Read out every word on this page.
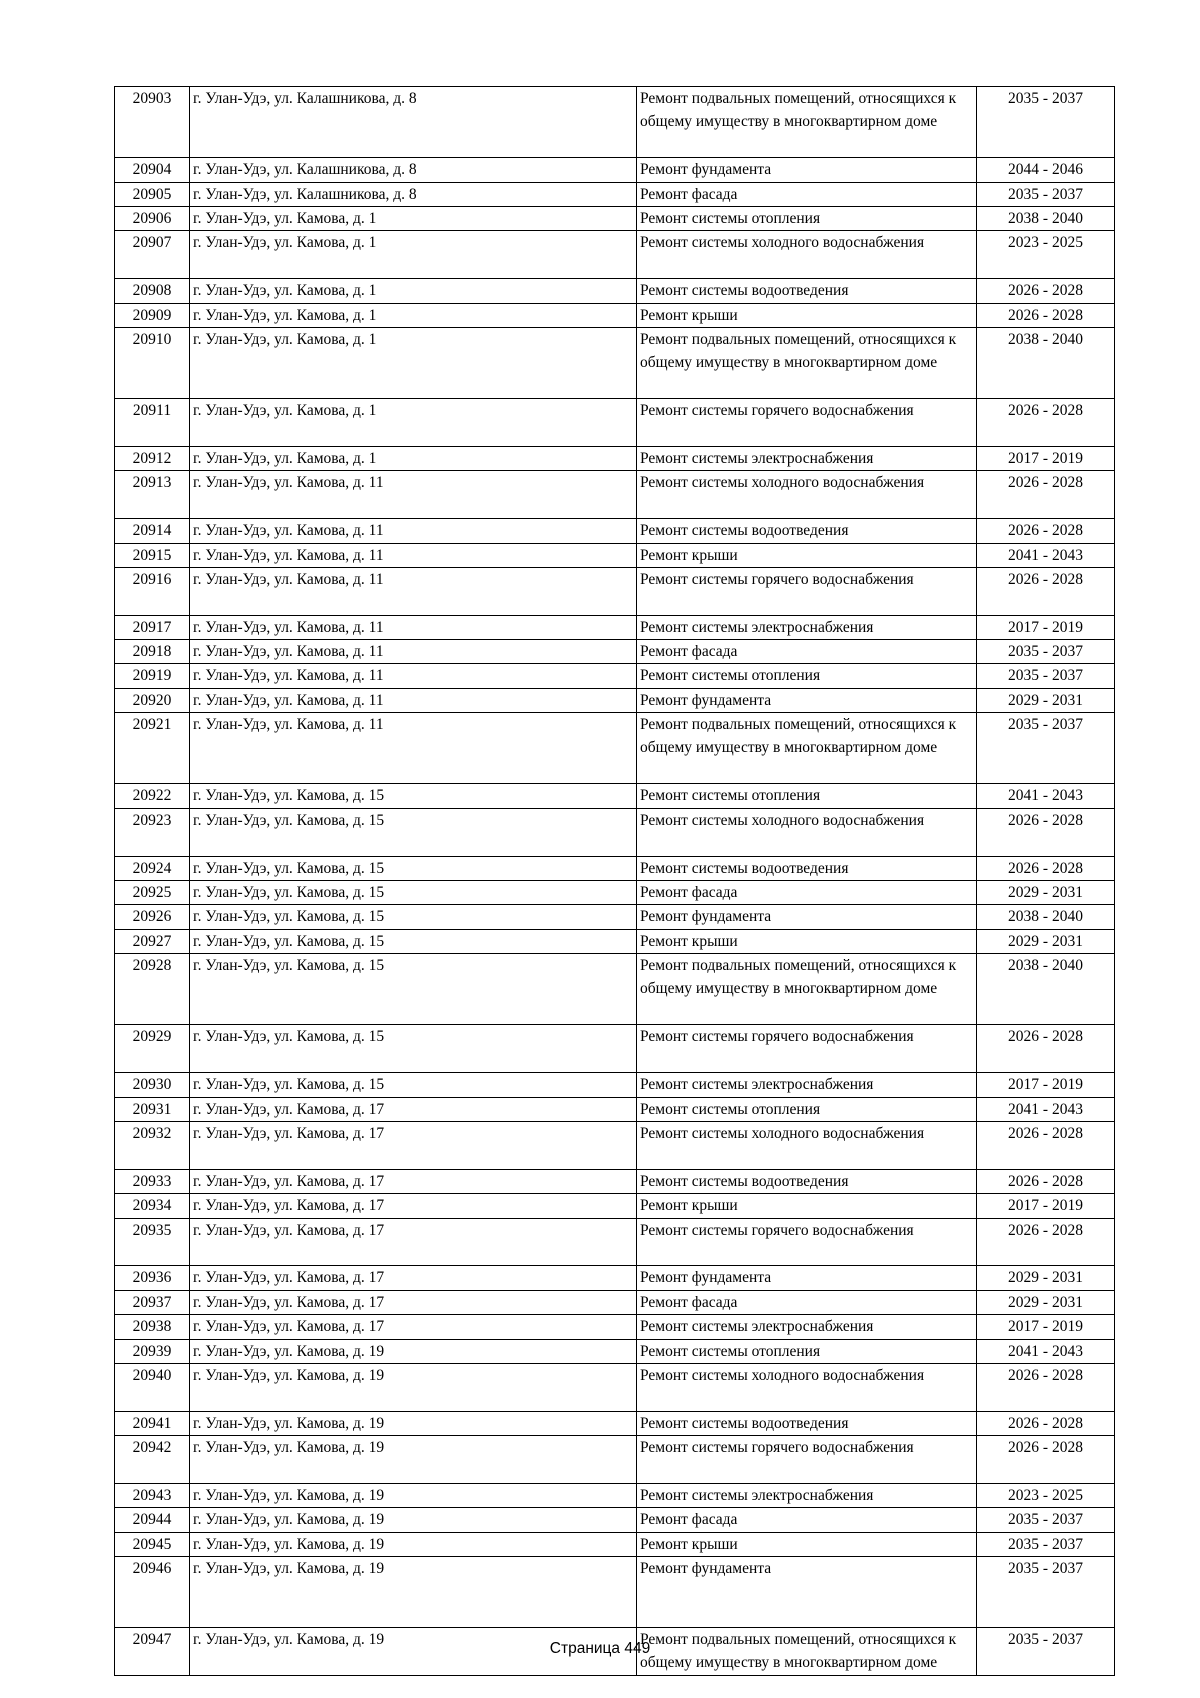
20903	г. Улан-Удэ, ул. Калашникова, д. 8	Ремонт подвальных помещений, относящихся к общему имуществу в многоквартирном доме	2035 - 2037
20904	г. Улан-Удэ, ул. Калашникова, д. 8	Ремонт фундамента	2044 - 2046
20905	г. Улан-Удэ, ул. Калашникова, д. 8	Ремонт фасада	2035 - 2037
20906	г. Улан-Удэ, ул. Камова, д. 1	Ремонт системы отопления	2038 - 2040
20907	г. Улан-Удэ, ул. Камова, д. 1	Ремонт системы холодного водоснабжения	2023 - 2025
20908	г. Улан-Удэ, ул. Камова, д. 1	Ремонт системы водоотведения	2026 - 2028
20909	г. Улан-Удэ, ул. Камова, д. 1	Ремонт крыши	2026 - 2028
20910	г. Улан-Удэ, ул. Камова, д. 1	Ремонт подвальных помещений, относящихся к общему имуществу в многоквартирном доме	2038 - 2040
20911	г. Улан-Удэ, ул. Камова, д. 1	Ремонт системы горячего водоснабжения	2026 - 2028
20912	г. Улан-Удэ, ул. Камова, д. 1	Ремонт системы электроснабжения	2017 - 2019
20913	г. Улан-Удэ, ул. Камова, д. 11	Ремонт системы холодного водоснабжения	2026 - 2028
20914	г. Улан-Удэ, ул. Камова, д. 11	Ремонт системы водоотведения	2026 - 2028
20915	г. Улан-Удэ, ул. Камова, д. 11	Ремонт крыши	2041 - 2043
20916	г. Улан-Удэ, ул. Камова, д. 11	Ремонт системы горячего водоснабжения	2026 - 2028
20917	г. Улан-Удэ, ул. Камова, д. 11	Ремонт системы электроснабжения	2017 - 2019
20918	г. Улан-Удэ, ул. Камова, д. 11	Ремонт фасада	2035 - 2037
20919	г. Улан-Удэ, ул. Камова, д. 11	Ремонт системы отопления	2035 - 2037
20920	г. Улан-Удэ, ул. Камова, д. 11	Ремонт фундамента	2029 - 2031
20921	г. Улан-Удэ, ул. Камова, д. 11	Ремонт подвальных помещений, относящихся к общему имуществу в многоквартирном доме	2035 - 2037
20922	г. Улан-Удэ, ул. Камова, д. 15	Ремонт системы отопления	2041 - 2043
20923	г. Улан-Удэ, ул. Камова, д. 15	Ремонт системы холодного водоснабжения	2026 - 2028
20924	г. Улан-Удэ, ул. Камова, д. 15	Ремонт системы водоотведения	2026 - 2028
20925	г. Улан-Удэ, ул. Камова, д. 15	Ремонт фасада	2029 - 2031
20926	г. Улан-Удэ, ул. Камова, д. 15	Ремонт фундамента	2038 - 2040
20927	г. Улан-Удэ, ул. Камова, д. 15	Ремонт крыши	2029 - 2031
20928	г. Улан-Удэ, ул. Камова, д. 15	Ремонт подвальных помещений, относящихся к общему имуществу в многоквартирном доме	2038 - 2040
20929	г. Улан-Удэ, ул. Камова, д. 15	Ремонт системы горячего водоснабжения	2026 - 2028
20930	г. Улан-Удэ, ул. Камова, д. 15	Ремонт системы электроснабжения	2017 - 2019
20931	г. Улан-Удэ, ул. Камова, д. 17	Ремонт системы отопления	2041 - 2043
20932	г. Улан-Удэ, ул. Камова, д. 17	Ремонт системы холодного водоснабжения	2026 - 2028
20933	г. Улан-Удэ, ул. Камова, д. 17	Ремонт системы водоотведения	2026 - 2028
20934	г. Улан-Удэ, ул. Камова, д. 17	Ремонт крыши	2017 - 2019
20935	г. Улан-Удэ, ул. Камова, д. 17	Ремонт системы горячего водоснабжения	2026 - 2028
20936	г. Улан-Удэ, ул. Камова, д. 17	Ремонт фундамента	2029 - 2031
20937	г. Улан-Удэ, ул. Камова, д. 17	Ремонт фасада	2029 - 2031
20938	г. Улан-Удэ, ул. Камова, д. 17	Ремонт системы электроснабжения	2017 - 2019
20939	г. Улан-Удэ, ул. Камова, д. 19	Ремонт системы отопления	2041 - 2043
20940	г. Улан-Удэ, ул. Камова, д. 19	Ремонт системы холодного водоснабжения	2026 - 2028
20941	г. Улан-Удэ, ул. Камова, д. 19	Ремонт системы водоотведения	2026 - 2028
20942	г. Улан-Удэ, ул. Камова, д. 19	Ремонт системы горячего водоснабжения	2026 - 2028
20943	г. Улан-Удэ, ул. Камова, д. 19	Ремонт системы электроснабжения	2023 - 2025
20944	г. Улан-Удэ, ул. Камова, д. 19	Ремонт фасада	2035 - 2037
20945	г. Улан-Удэ, ул. Камова, д. 19	Ремонт крыши	2035 - 2037
20946	г. Улан-Удэ, ул. Камова, д. 19	Ремонт фундамента	2035 - 2037
20947	г. Улан-Удэ, ул. Камова, д. 19	Ремонт подвальных помещений, относящихся к общему имуществу в многоквартирном доме	2035 - 2037
Страница 449
